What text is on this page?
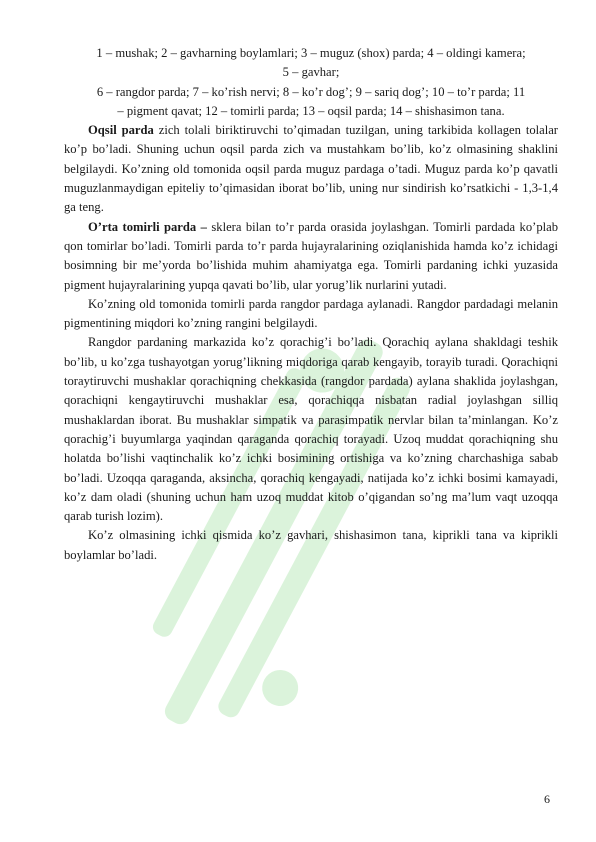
1 – mushak; 2 – gavharning boylamlari; 3 – muguz (shox) parda; 4 – oldingi kamera;

5 – gavhar;

6 – rangdor parda; 7 – ko’rish nervi; 8 – ko’r dog’; 9 – sariq dog’; 10 – to’r parda; 11

– pigment qavat; 12 – tomirli parda; 13 – oqsil parda; 14 – shishasimon tana.

Oqsil parda zich tolali biriktiruvchi to’qimadan tuzilgan, uning tarkibida kollagen tolalar ko’p bo’ladi. Shuning uchun oqsil parda zich va mustahkam bo’lib, ko’z olmasining shaklini belgilaydi. Ko’zning old tomonida oqsil parda muguz pardaga o’tadi. Muguz parda ko’p qavatli muguzlanmaydigan epiteliy to’qimasidan iborat bo’lib, uning nur sindirish ko’rsatkichi - 1,3-1,4 ga teng.

O’rta tomirli parda – sklera bilan to’r parda orasida joylashgan. Tomirli pardada ko’plab qon tomirlar bo’ladi. Tomirli parda to’r parda hujayralarining oziqlanishida hamda ko’z ichidagi bosimning bir me’yorda bo’lishida muhim ahamiyatga ega. Tomirli pardaning ichki yuzasida pigment hujayralarining yupqa qavati bo’lib, ular yorug’lik nurlarini yutadi.

Ko’zning old tomonida tomirli parda rangdor pardaga aylanadi. Rangdor pardadagi melanin pigmentining miqdori ko’zning rangini belgilaydi.

Rangdor pardaning markazida ko’z qorachig’i bo’ladi. Qorachiq aylana shakldagi teshik bo’lib, u ko’zga tushayotgan yorug’likning miqdoriga qarab kengayib, torayib turadi. Qorachiqni toraytiruvchi mushaklar qorachiqning chekkasida (rangdor pardada) aylana shaklida joylashgan, qorachiqni kengaytiruvchi mushaklar esa, qorachiqqa nisbatan radial joylashgan silliq mushaklardan iborat. Bu mushaklar simpatik va parasimpatik nervlar bilan ta’minlangan. Ko’z qorachig’i buyumlarga yaqindan qaraganda qorachiq torayadi. Uzoq muddat qorachiqning shu holatda bo’lishi vaqtinchalik ko’z ichki bosimining ortishiga va ko’zning charchashiga sabab bo’ladi. Uzoqqa qaraganda, aksincha, qorachiq kengayadi, natijada ko’z ichki bosimi kamayadi, ko’z dam oladi (shuning uchun ham uzoq muddat kitob o’qigandan so’ng ma’lum vaqt uzoqqa qarab turish lozim).

Ko’z olmasining ichki qismida ko’z gavhari, shishasimon tana, kiprikli tana va kiprikli boylamlar bo’ladi.

6
